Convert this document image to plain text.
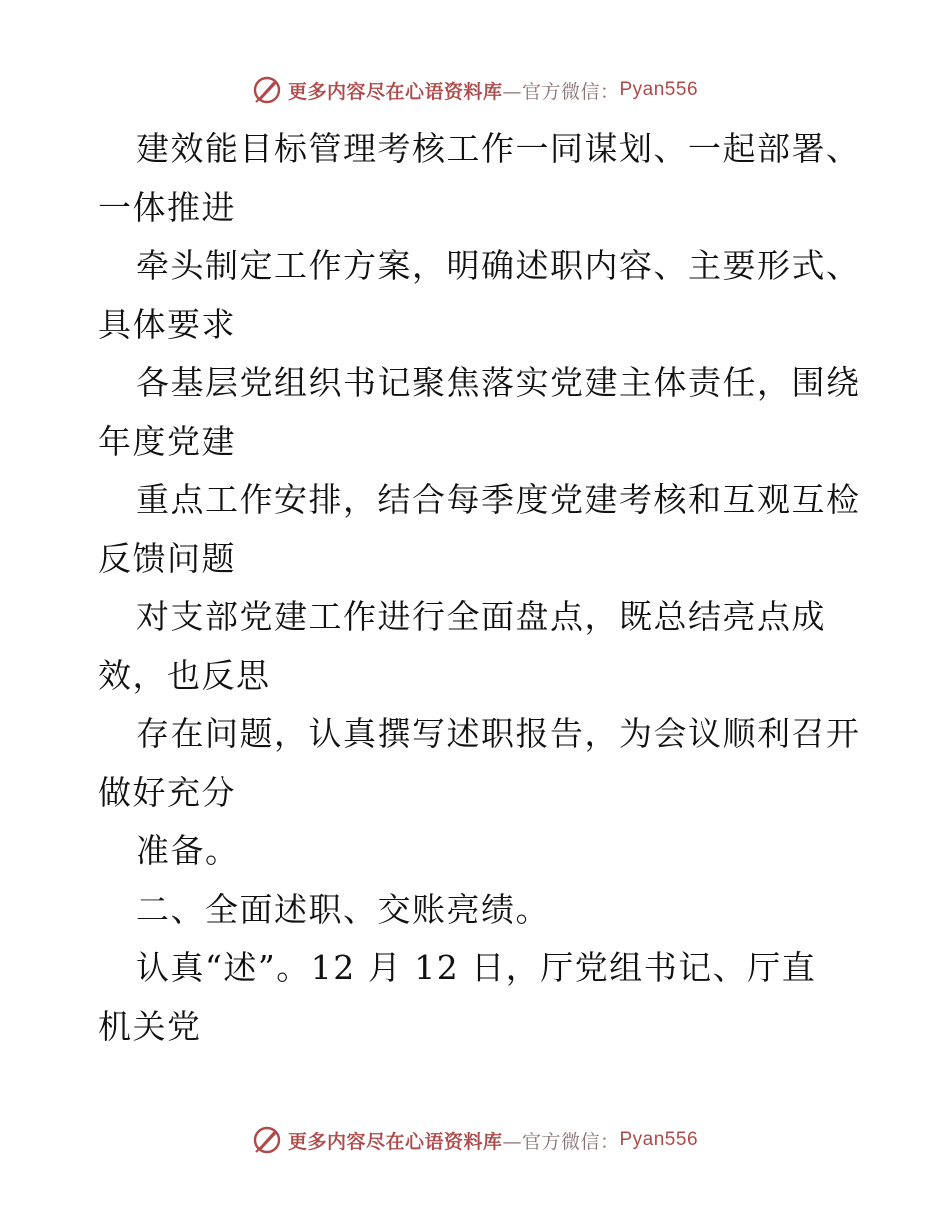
更多内容尽在心语资料库 —官方微信： Pyan556
建效能目标管理考核工作一同谋划、一起部署、
一体推进
牵头制定工作方案，明确述职内容、主要形式、
具体要求
各基层党组织书记聚焦落实党建主体责任，围绕
年度党建
重点工作安排，结合每季度党建考核和互观互检
反馈问题
对支部党建工作进行全面盘点，既总结亮点成
效，也反思
存在问题，认真撰写述职报告，为会议顺利召开
做好充分
准备。
二、全面述职、交账亮绩。
认真“述”。12 月 12 日，厅党组书记、厅直
机关党
更多内容尽在心语资料库 —官方微信： Pyan556
